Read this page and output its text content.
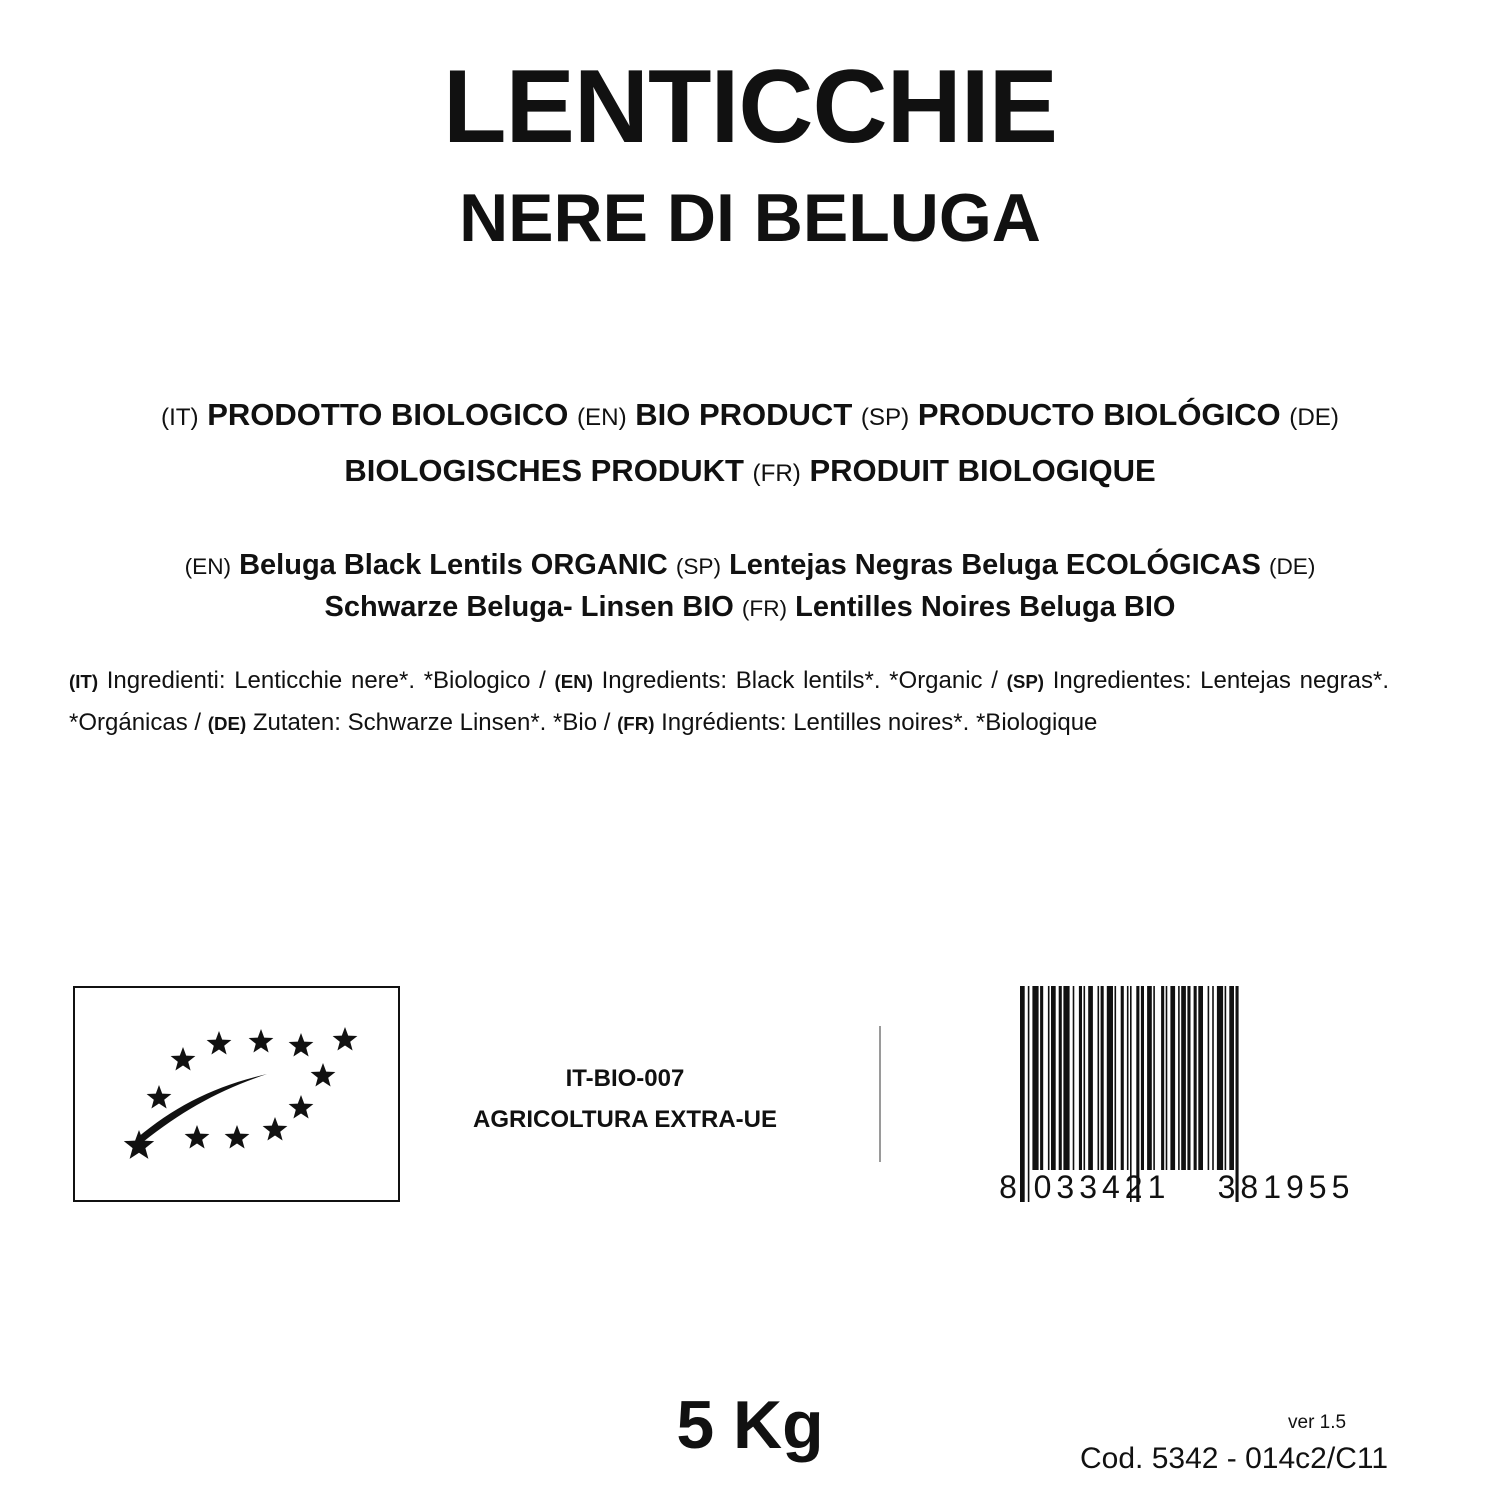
LENTICCHIE
NERE DI BELUGA
(IT) PRODOTTO BIOLOGICO (EN) BIO PRODUCT (SP) PRODUCTO BIOLÓGICO (DE)
BIOLOGISCHES PRODUKT (FR) PRODUIT BIOLOGIQUE
(EN) Beluga Black Lentils ORGANIC (SP) Lentejas Negras Beluga ECOLÓGICAS (DE)
Schwarze Beluga- Linsen BIO (FR) Lentilles Noires Beluga BIO
(IT) Ingredienti: Lenticchie nere*. *Biologico / (EN) Ingredients: Black lentils*. *Organic / (SP) Ingredientes: Lentejas negras*. *Orgánicas / (DE) Zutaten: Schwarze Linsen*. *Bio / (FR) Ingrédients: Lentilles noires*. *Biologique
IT-BIO-007
AGRICOLTURA EXTRA-UE
8 033421 381955
5 Kg	ver 1.5
Cod. 5342 - 014c2/C11
